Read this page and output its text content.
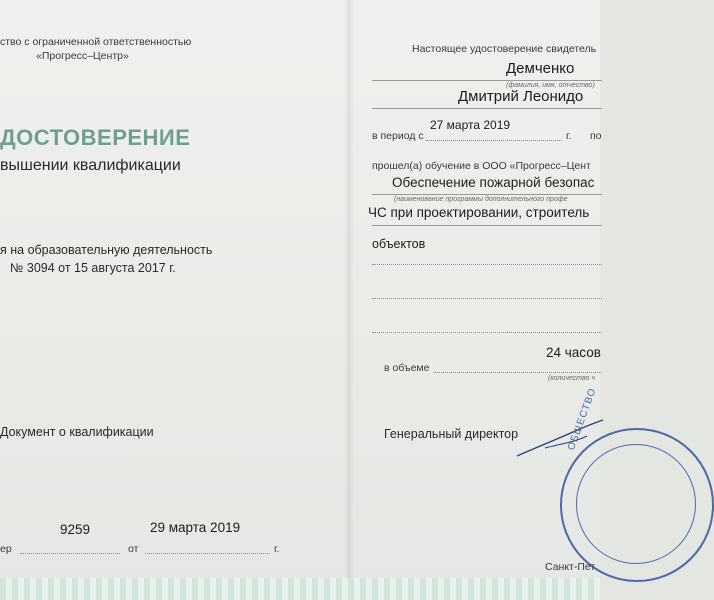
ство с ограниченной ответственностью
«Прогресс–Центр»
ДОСТОВЕРЕНИЕ
вышении квалификации
я на образовательную деятельность
№ 3094 от 15 августа 2017 г.
Документ о квалификации
ер
9259
от
29 марта 2019
г.
Настоящее удостоверение свидетель
Демченко
(фамилия, имя, отчество)
Дмитрий Леонидо
в период с
27 марта 2019
г. по
прошел(а) обучение в ООО «Прогресс–Цент
Обеспечение пожарной безопас
(наименование программы дополнительного профе
ЧС при проектировании, строитель
объектов
24 часов
в объеме
(количество ч
Генеральный директор	ОБЩЕСТВО
Санкт-Пет
